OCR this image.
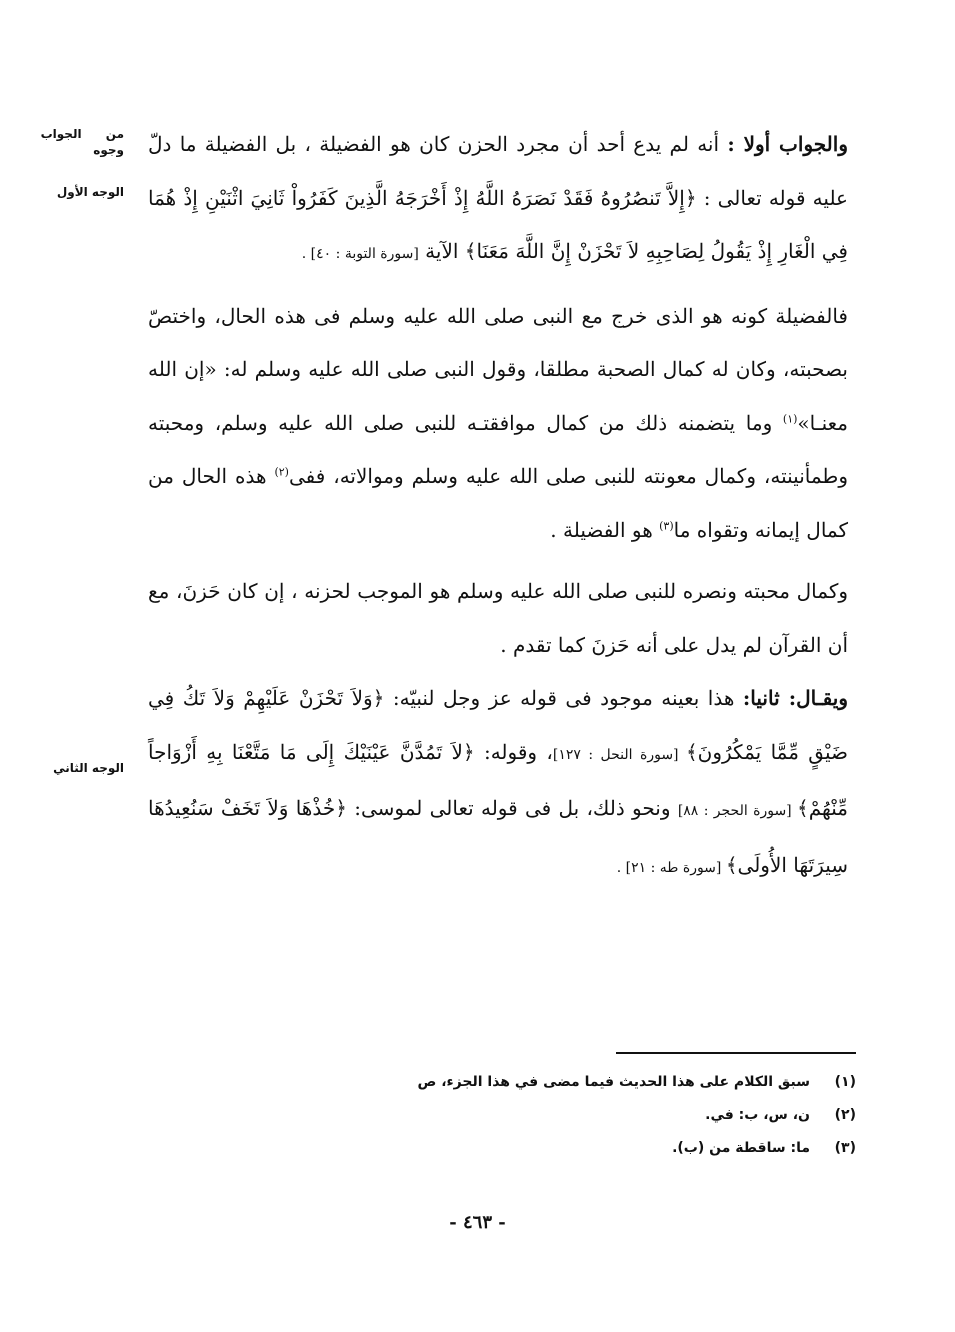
من الجواب
وجوه
الوجه الأول
الوجه الثاني

والجواب أولا : أنه لم يدع أحد أن مجرد الحزن كان هو الفضيلة ، بل الفضيلة ما دلّ عليه قوله تعالى : ﴿إِلاَّ تَنصُرُوهُ فَقَدْ نَصَرَهُ اللَّهُ إِذْ أَخْرَجَهُ الَّذِينَ كَفَرُواْ ثَانِيَ اثْنَيْنِ إِذْ هُمَا فِي الْغَارِ إِذْ يَقُولُ لِصَاحِبِهِ لاَ تَحْزَنْ إِنَّ اللَّهَ مَعَنَا﴾ الآية [سورة التوبة : ٤٠] .

فالفضيلة كونه هو الذى خرج مع النبى صلى الله عليه وسلم فى هذه الحال، واختصّ بصحبته، وكان له كمال الصحبة مطلقا، وقول النبى صلى الله عليه وسلم له: «إن الله معنـا»$^{(١)}$ وما يتضمنه ذلك من كمال موافقتـه للنبى صلى الله عليه وسلم، ومحبته وطمأنينته، وكمال معونته للنبى صلى الله عليه وسلم وموالاته، ففى$^{(٢)}$ هذه الحال من كمال إيمانه وتقواه ما$^{(٣)}$ هو الفضيلة .

وكمال محبته ونصره للنبى صلى الله عليه وسلم هو الموجب لحزنه ، إن كان حَزنَ، مع أن القرآن لم يدل على أنه حَزنَ كما تقدم .

ويقـال: ثانيا: هذا بعينه موجود فى قوله عز وجل لنبيّه: ﴿وَلاَ تَحْزَنْ عَلَيْهِمْ وَلاَ تَكُ فِي ضَيْقٍ مِّمَّا يَمْكُرُونَ﴾ [سورة النحل : ١٢٧]، وقوله: ﴿لاَ تَمُدَّنَّ عَيْنَيْكَ إِلَى مَا مَتَّعْنَا بِهِ أَزْوَاجاً مِّنْهُمْ﴾ [سورة الحجر : ٨٨] ونحو ذلك، بل فى قوله تعالى لموسى: ﴿خُذْهَا وَلاَ تَخَفْ سَنُعِيدُهَا سِيرَتَهَا الأُولَى﴾ [سورة طه : ٢١] .

(١)
سبق الكلام على هذا الحديث فيما مضى في هذا الجزء، ص
(٢)
ن، س، ب: في.
(٣)
ما: ساقطة من (ب).
- ٤٦٣ -
